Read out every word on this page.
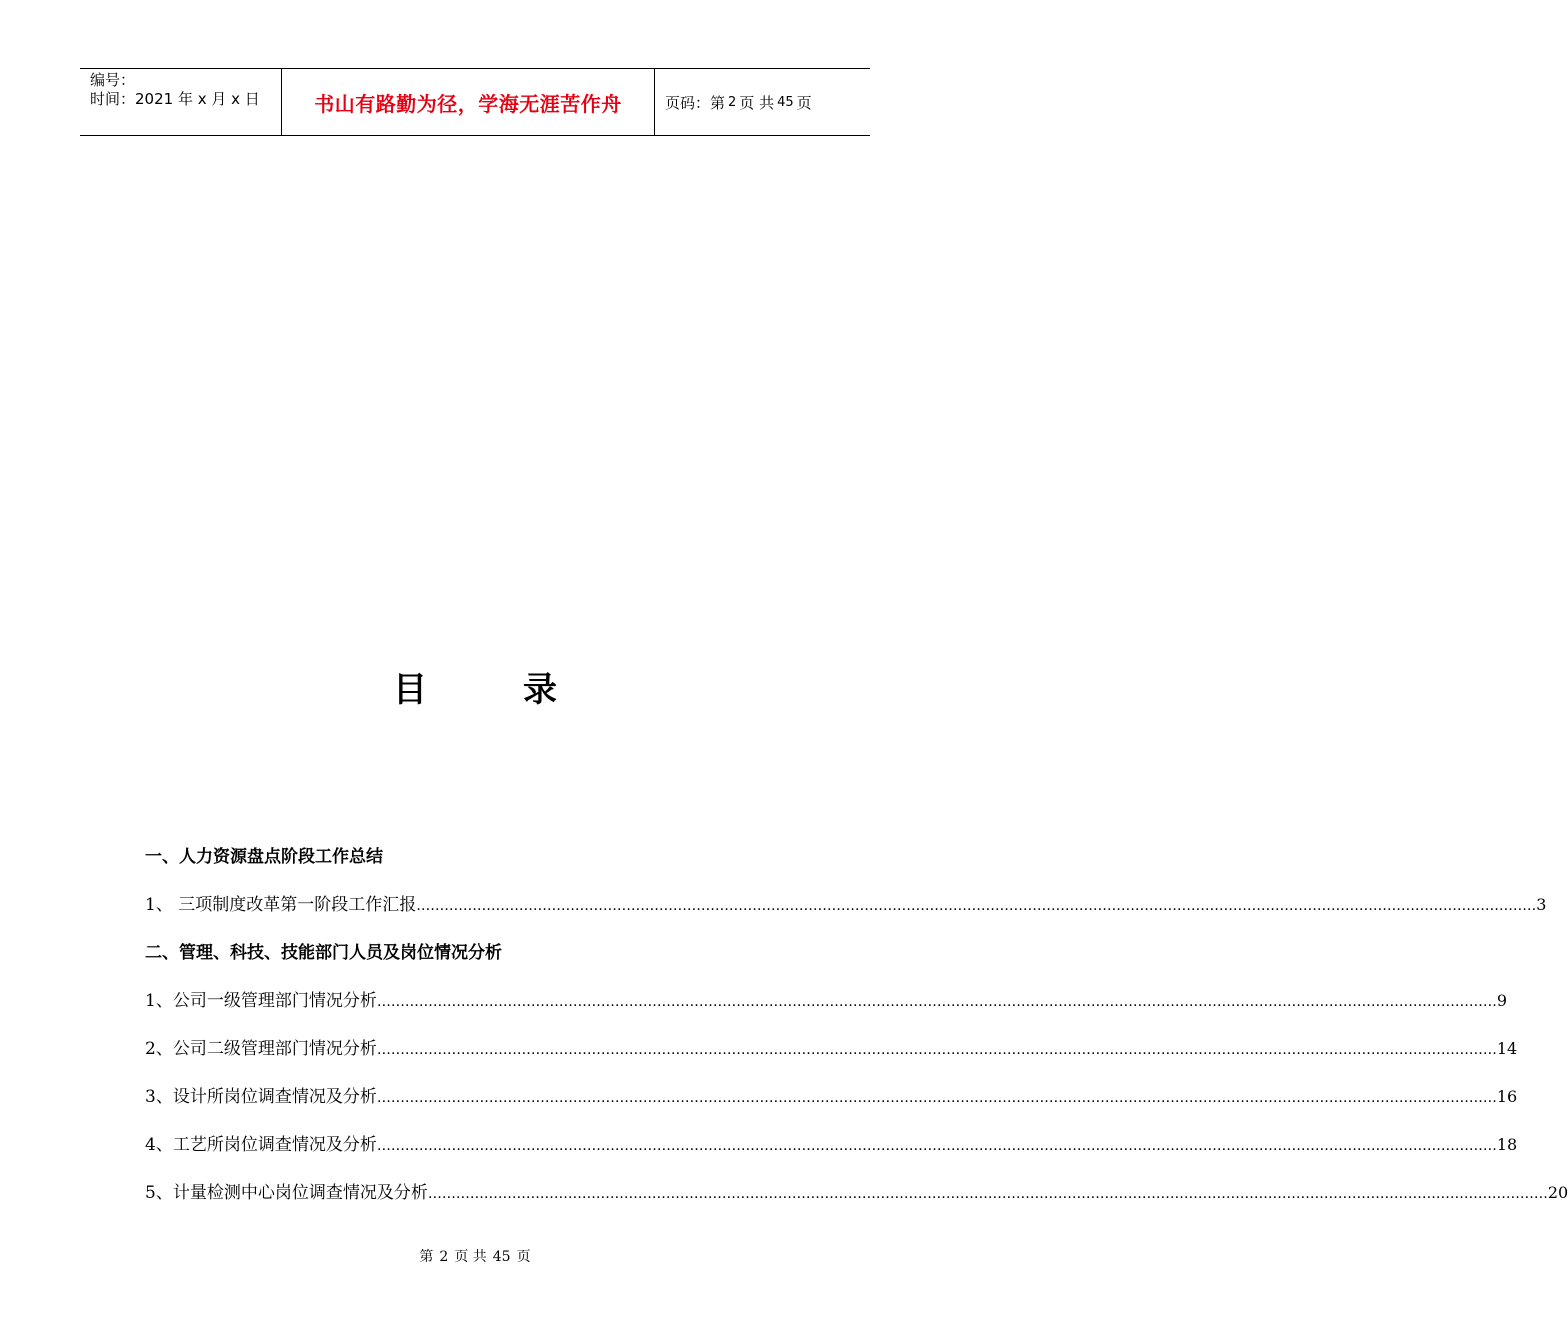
编号：
时间：2021 年 x 月 x 日	书山有路勤为径，学海无涯苦作舟	页码：第 2 页 共 45 页
目	录
一、人力资源盘点阶段工作总结
1、 三项制度改革第一阶段工作汇报 …………………………………………………………………………………………………………………………………………………………………………………………………………………… 3
二、管理、科技、技能部门人员及岗位情况分析
1、公司一级管理部门情况分析 …………………………………………………………………………………………………………………………………………………………………………………………………………………… 9
2、公司二级管理部门情况分析 …………………………………………………………………………………………………………………………………………………………………………………………………………………… 14
3、设计所岗位调查情况及分析 …………………………………………………………………………………………………………………………………………………………………………………………………………………… 16
4、工艺所岗位调查情况及分析 …………………………………………………………………………………………………………………………………………………………………………………………………………………… 18
5、计量检测中心岗位调查情况及分析 …………………………………………………………………………………………………………………………………………………………………………………………………………………… 20
第 2 页 共 45 页
